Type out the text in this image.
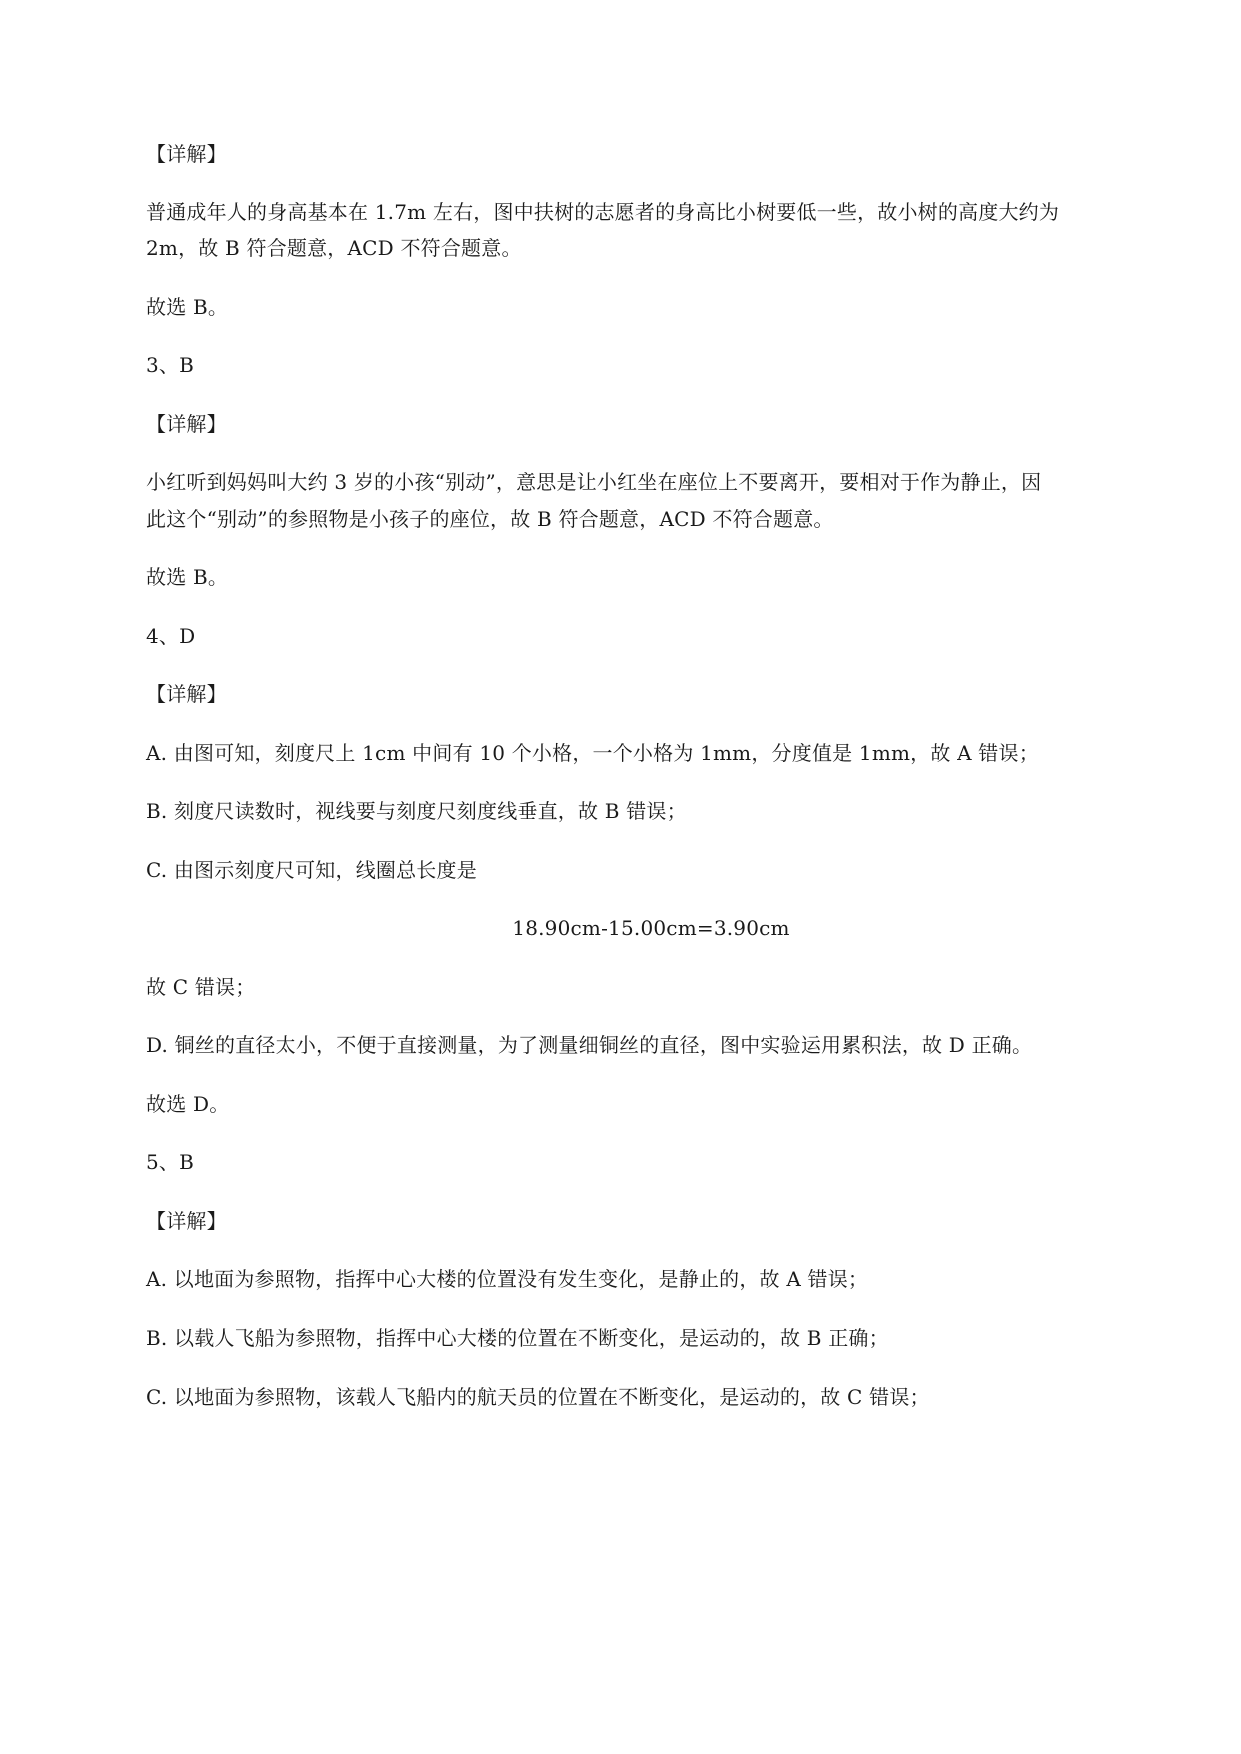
【详解】
普通成年人的身高基本在 1.7m 左右，图中扶树的志愿者的身高比小树要低一些，故小树的高度大约为
2m，故 B 符合题意，ACD 不符合题意。
故选 B。
3、B
【详解】
小红听到妈妈叫大约 3 岁的小孩“别动”，意思是让小红坐在座位上不要离开，要相对于作为静止，因
此这个“别动”的参照物是小孩子的座位，故 B 符合题意，ACD 不符合题意。
故选 B。
4、D
【详解】
A. 由图可知，刻度尺上 1cm 中间有 10 个小格，一个小格为 1mm，分度值是 1mm，故 A 错误；
B. 刻度尺读数时，视线要与刻度尺刻度线垂直，故 B 错误；
C. 由图示刻度尺可知，线圈总长度是
18.90cm-15.00cm=3.90cm
故 C 错误；
D. 铜丝的直径太小，不便于直接测量，为了测量细铜丝的直径，图中实验运用累积法，故 D 正确。
故选 D。
5、B
【详解】
A. 以地面为参照物，指挥中心大楼的位置没有发生变化，是静止的，故 A 错误；
B. 以载人飞船为参照物，指挥中心大楼的位置在不断变化，是运动的，故 B 正确；
C. 以地面为参照物，该载人飞船内的航天员的位置在不断变化，是运动的，故 C 错误；
